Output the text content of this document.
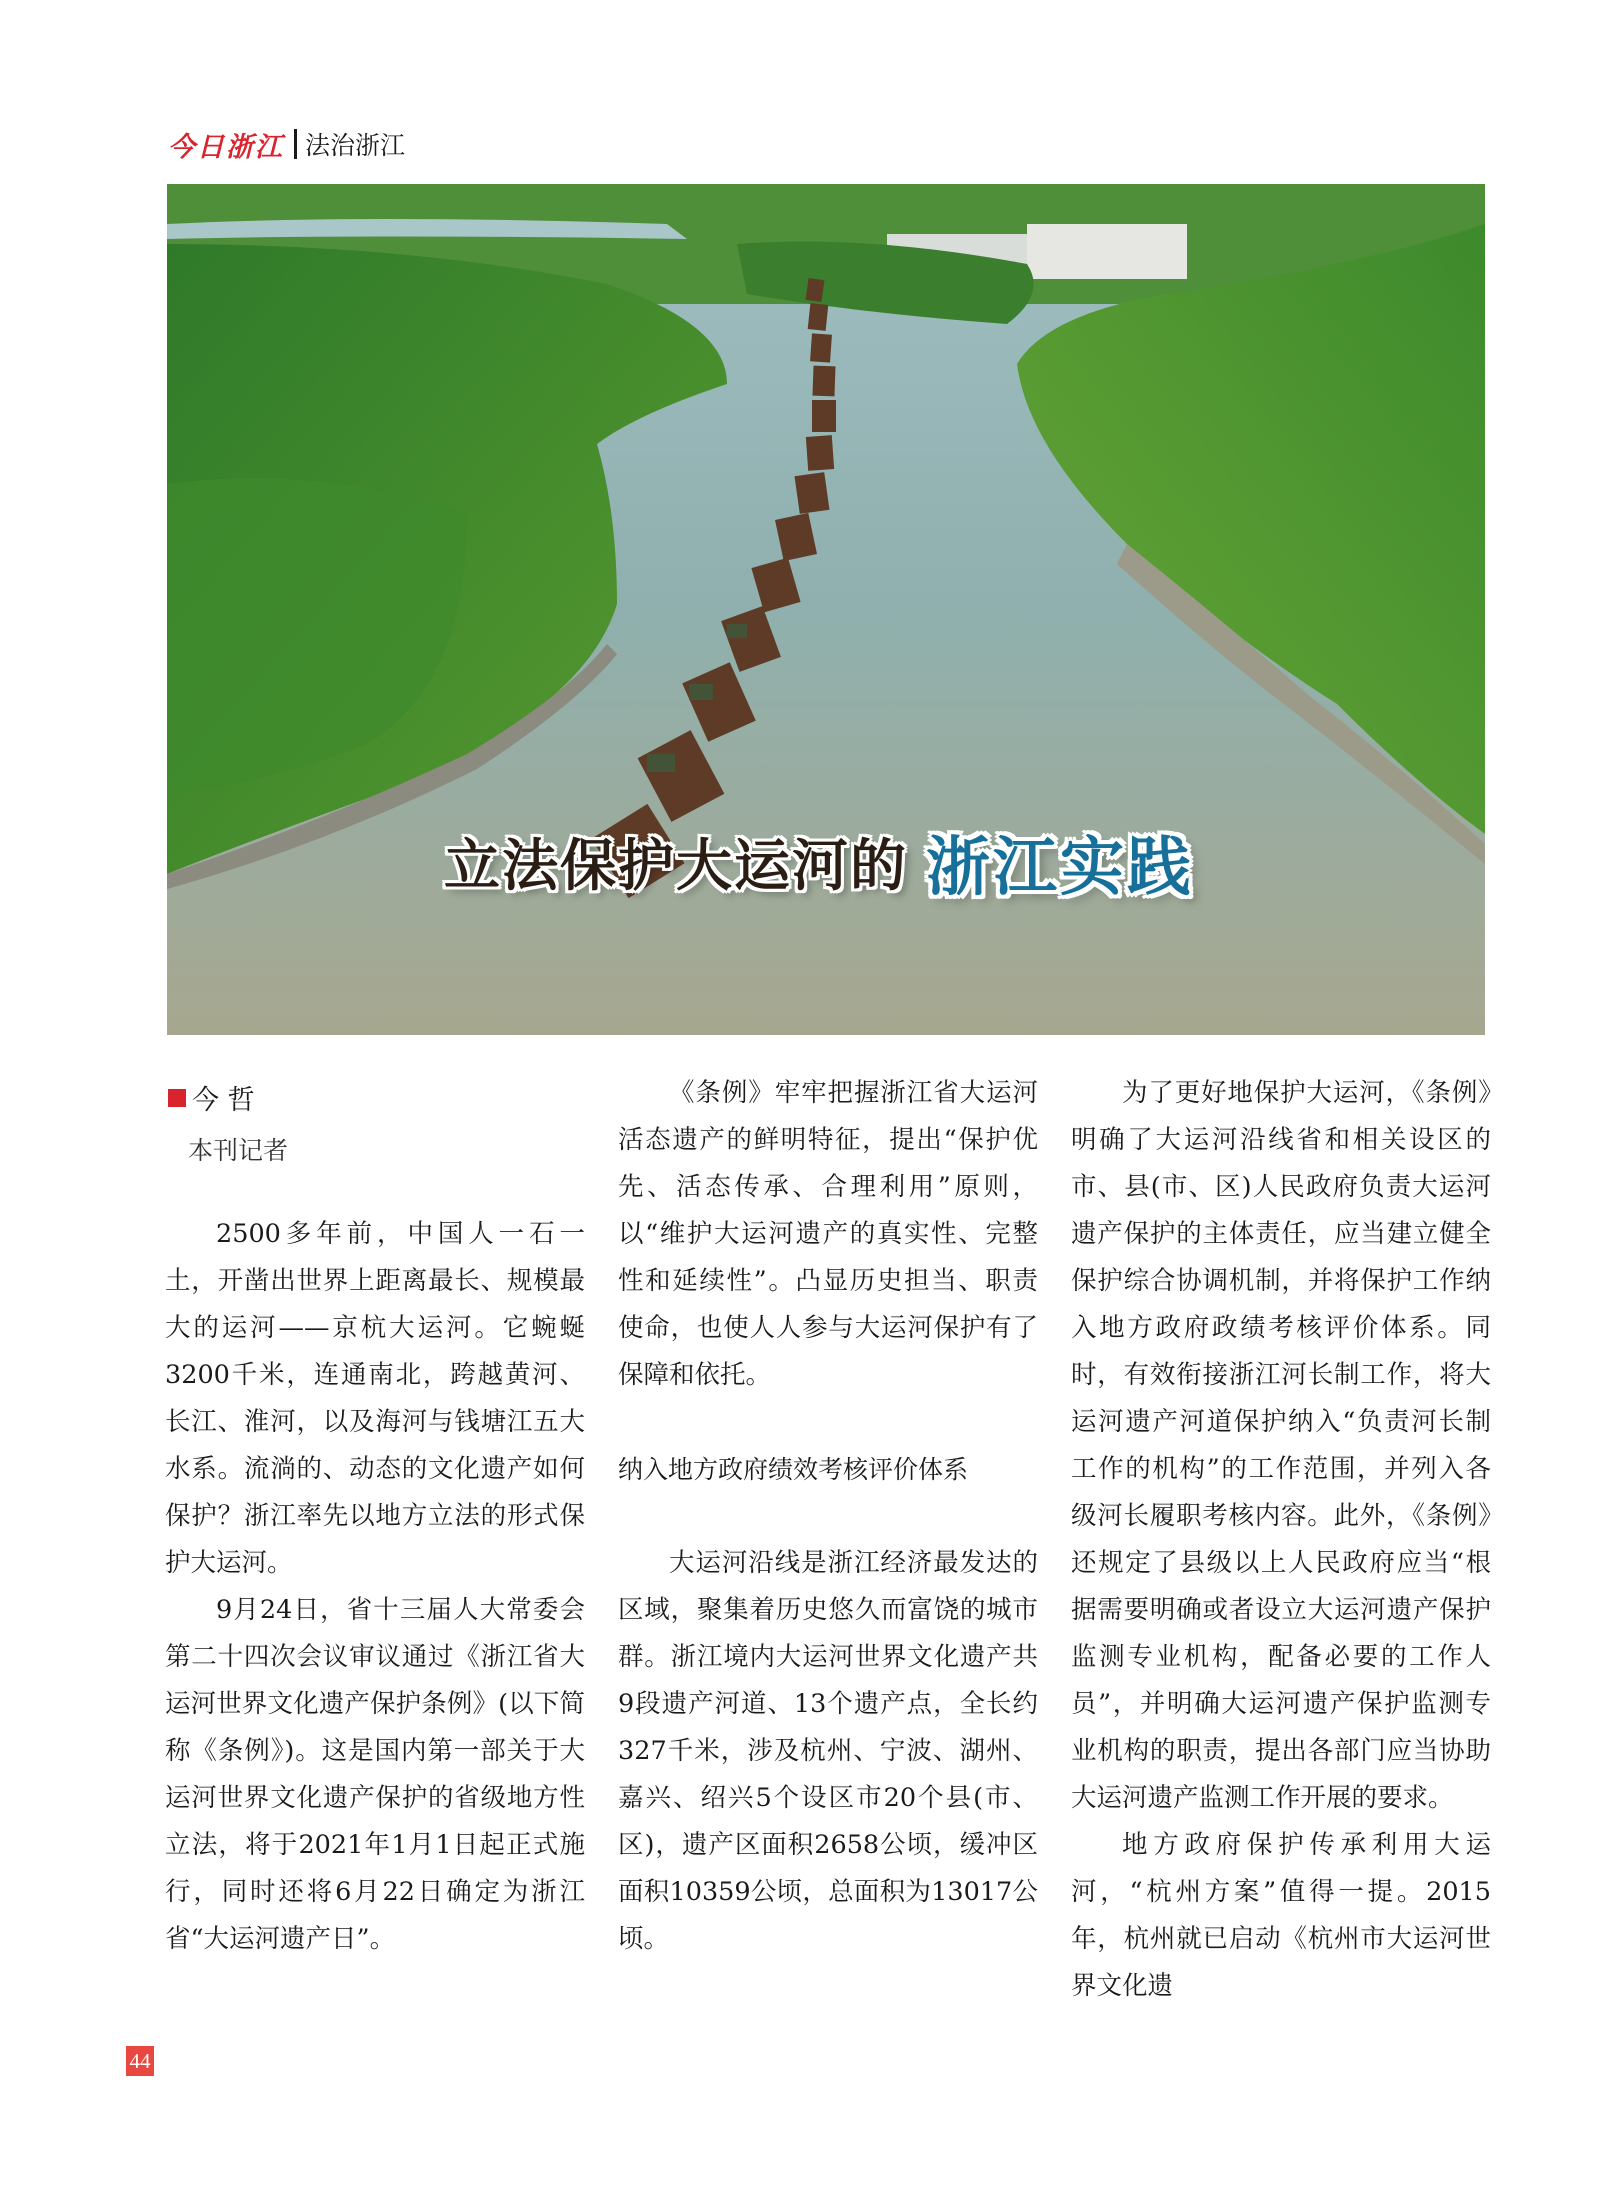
今日浙江 法治浙江
立法保护大运河的 浙江实践
今 哲
本刊记者

2500多年前，中国人一石一土，开凿出世界上距离最长、规模最大的运河——京杭大运河。它蜿蜒3200千米，连通南北，跨越黄河、长江、淮河，以及海河与钱塘江五大水系。流淌的、动态的文化遗产如何保护？浙江率先以地方立法的形式保护大运河。

9月24日，省十三届人大常委会第二十四次会议审议通过《浙江省大运河世界文化遗产保护条例》(以下简称《条例》)。这是国内第一部关于大运河世界文化遗产保护的省级地方性立法，将于2021年1月1日起正式施行，同时还将6月22日确定为浙江省“大运河遗产日”。

《条例》牢牢把握浙江省大运河活态遗产的鲜明特征，提出“保护优先、活态传承、合理利用”原则，以“维护大运河遗产的真实性、完整性和延续性”。凸显历史担当、职责使命，也使人人参与大运河保护有了保障和依托。

纳入地方政府绩效考核评价体系

大运河沿线是浙江经济最发达的区域，聚集着历史悠久而富饶的城市群。浙江境内大运河世界文化遗产共9段遗产河道、13个遗产点，全长约327千米，涉及杭州、宁波、湖州、嘉兴、绍兴5个设区市20个县(市、区)，遗产区面积2658公顷，缓冲区面积10359公顷，总面积为13017公顷。

为了更好地保护大运河，《条例》明确了大运河沿线省和相关设区的市、县(市、区)人民政府负责大运河遗产保护的主体责任，应当建立健全保护综合协调机制，并将保护工作纳入地方政府政绩考核评价体系。同时，有效衔接浙江河长制工作，将大运河遗产河道保护纳入“负责河长制工作的机构”的工作范围，并列入各级河长履职考核内容。此外，《条例》还规定了县级以上人民政府应当“根据需要明确或者设立大运河遗产保护监测专业机构，配备必要的工作人员”，并明确大运河遗产保护监测专业机构的职责，提出各部门应当协助大运河遗产监测工作开展的要求。

地方政府保护传承利用大运河，“杭州方案”值得一提。2015年，杭州就已启动《杭州市大运河世界文化遗

44
